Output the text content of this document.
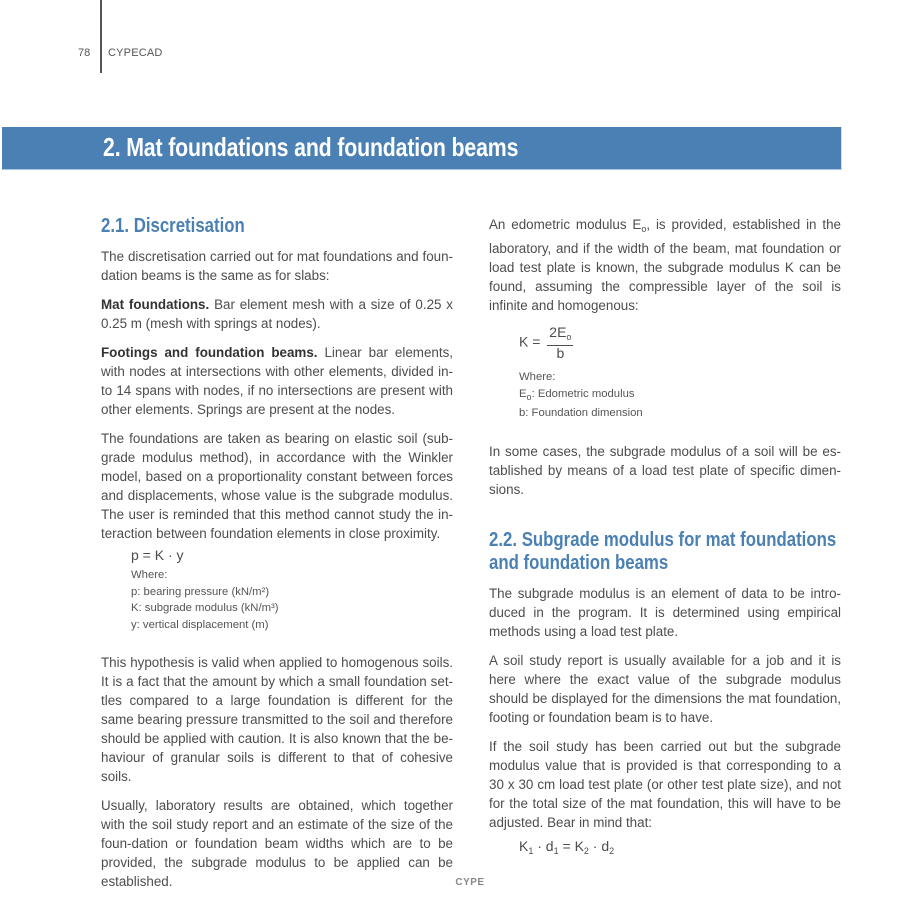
78 CYPECAD
2. Mat foundations and foundation beams
2.1. Discretisation

The discretisation carried out for mat foundations and foun-dation beams is the same as for slabs:

Mat foundations. Bar element mesh with a size of 0.25 x 0.25 m (mesh with springs at nodes).

Footings and foundation beams. Linear bar elements, with nodes at intersections with other elements, divided in-to 14 spans with nodes, if no intersections are present with other elements. Springs are present at the nodes.

The foundations are taken as bearing on elastic soil (sub-grade modulus method), in accordance with the Winkler model, based on a proportionality constant between forces and displacements, whose value is the subgrade modulus. The user is reminded that this method cannot study the in-teraction between foundation elements in close proximity.

p = K · y
Where:
p: bearing pressure (kN/m²)
K: subgrade modulus (kN/m³)
y: vertical displacement (m)

This hypothesis is valid when applied to homogenous soils. It is a fact that the amount by which a small foundation set-tles compared to a large foundation is different for the same bearing pressure transmitted to the soil and therefore should be applied with caution. It is also known that the be-haviour of granular soils is different to that of cohesive soils.

Usually, laboratory results are obtained, which together with the soil study report and an estimate of the size of the foun-dation or foundation beam widths which are to be provided, the subgrade modulus to be applied can be established.

An edometric modulus $E_o$, is provided, established in the laboratory, and if the width of the beam, mat foundation or load test plate is known, the subgrade modulus K can be found, assuming the compressible layer of the soil is infinite and homogenous:

$K = \frac{2E_o}{b}$
Where:
$E_o$: Edometric modulus
b: Foundation dimension

In some cases, the subgrade modulus of a soil will be es-tablished by means of a load test plate of specific dimen-sions.

2.2. Subgrade modulus for mat foundations
and foundation beams

The subgrade modulus is an element of data to be intro-duced in the program. It is determined using empirical methods using a load test plate.

A soil study report is usually available for a job and it is here where the exact value of the subgrade modulus should be displayed for the dimensions the mat foundation, footing or foundation beam is to have.

If the soil study has been carried out but the subgrade modulus value that is provided is that corresponding to a 30 x 30 cm load test plate (or other test plate size), and not for the total size of the mat foundation, this will have to be adjusted. Bear in mind that:

$K_1 \cdot d_1 = K_2 \cdot d_2$
CYPE
